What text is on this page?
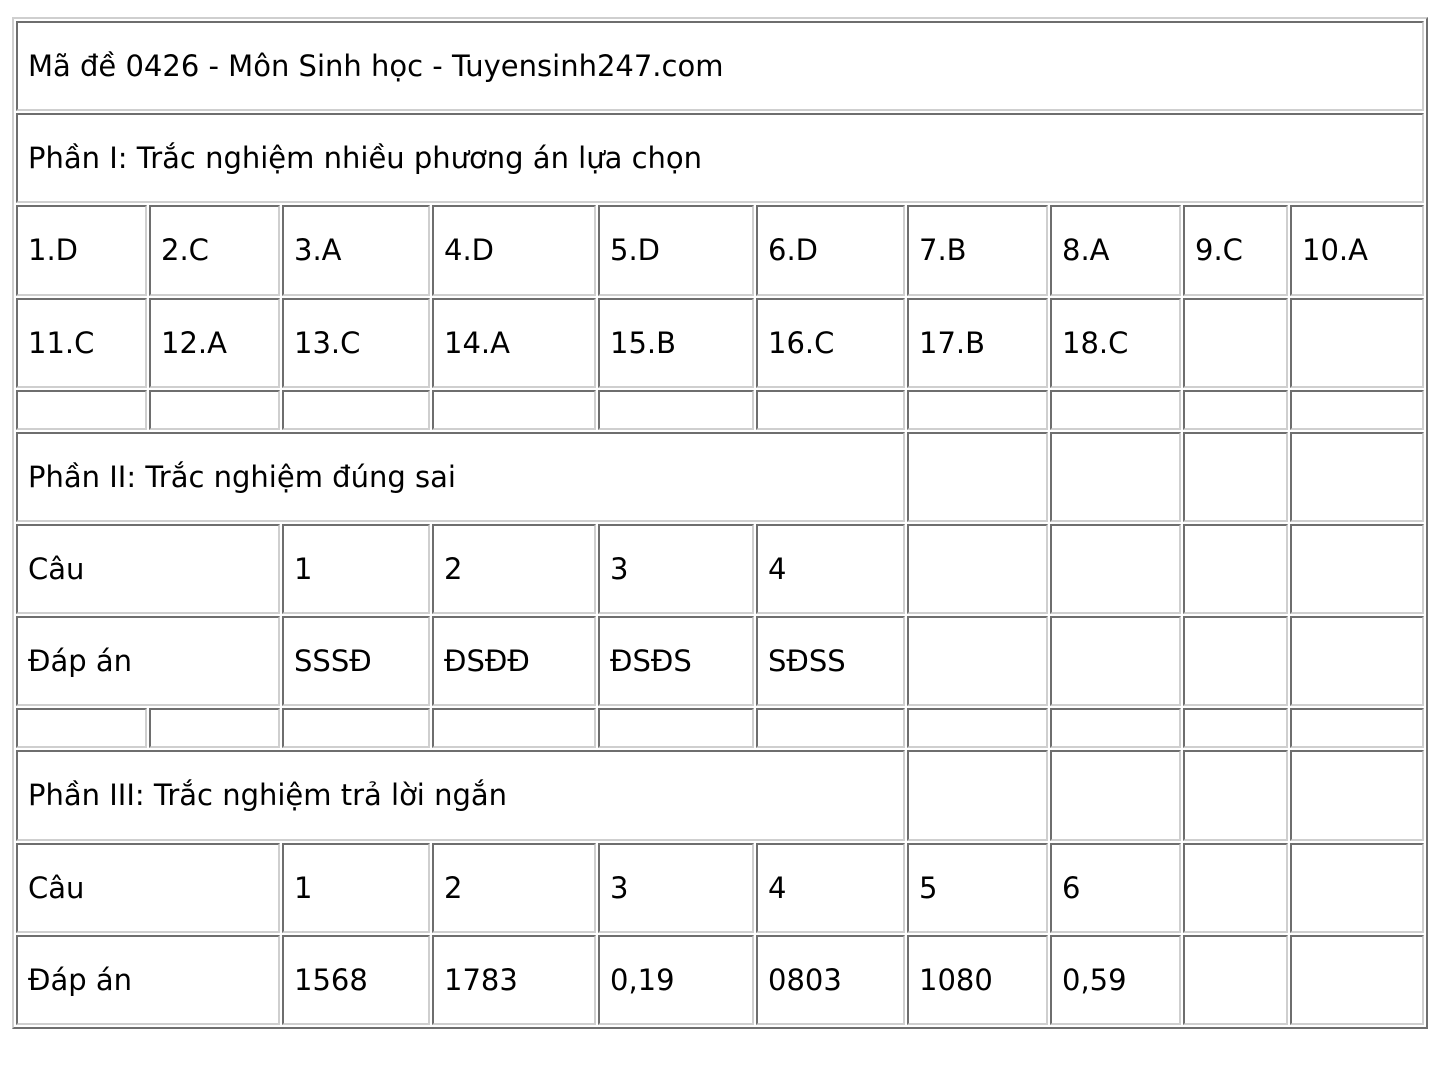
Mã đề 0426 - Môn Sinh học - Tuyensinh247.com									
Phần I: Trắc nghiệm nhiều phương án lựa chọn									
1.D	2.C	3.A	4.D	5.D	6.D	7.B	8.A	9.C	10.A
11.C	12.A	13.C	14.A	15.B	16.C	17.B	18.C		

Phần II: Trắc nghiệm đúng sai									
Câu		1	2	3	4				
Đáp án		SSSĐ	ĐSĐĐ	ĐSĐS	SĐSS				

Phần III: Trắc nghiệm trả lời ngắn									
Câu		1	2	3	4	5	6		
Đáp án		1568	1783	0,19	0803	1080	0,59		
